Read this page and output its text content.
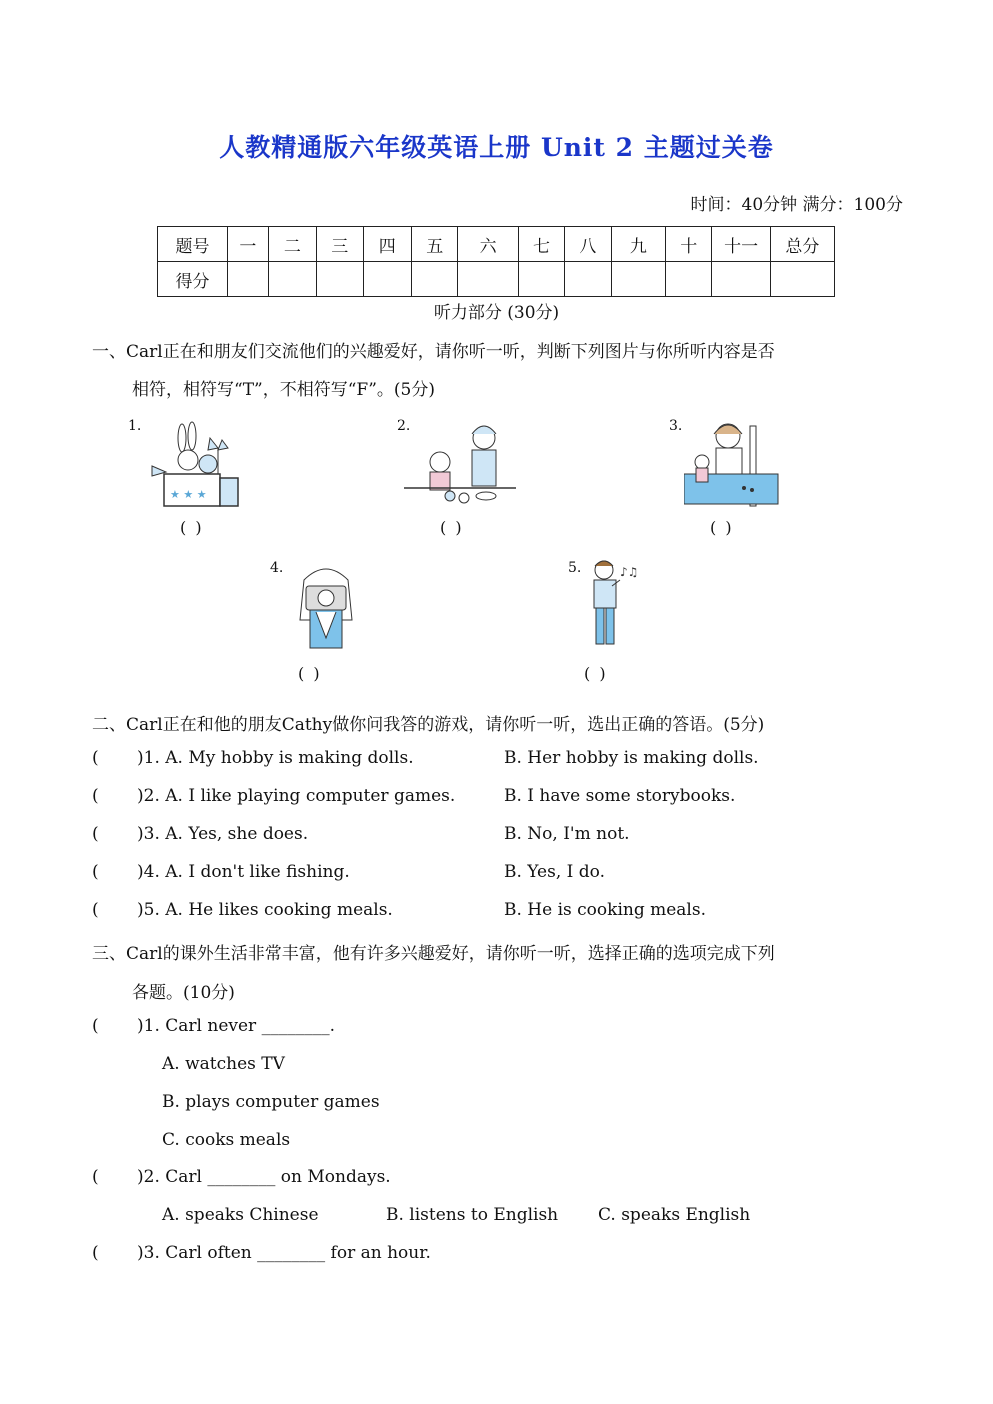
人教精通版六年级英语上册 Unit 2 主题过关卷
时间：40分钟 满分：100分
题号	一	二	三	四	五	六	七	八	九	十	十一	总分
得分												
听力部分 (30分)
一、Carl正在和朋友们交流他们的兴趣爱好，请你听一听，判断下列图片与你所听内容是否
相符，相符写“T”，不相符写“F”。(5分)
1.
★ ★ ★
( )
2.
( )
3.
( )
4.
( )
5.	♪♫
( )
二、Carl正在和他的朋友Cathy做你问我答的游戏，请你听一听，选出正确的答语。(5分)
( )1. A. My hobby is making dolls.	B. Her hobby is making dolls.
( )2. A. I like playing computer games.	B. I have some storybooks.
( )3. A. Yes, she does.	B. No, I'm not.
( )4. A. I don't like fishing.	B. Yes, I do.
( )5. A. He likes cooking meals.	B. He is cooking meals.
三、Carl的课外生活非常丰富，他有许多兴趣爱好，请你听一听，选择正确的选项完成下列
各题。(10分)
( )1. Carl never ________.
A. watches TV
B. plays computer games
C. cooks meals
( )2. Carl ________ on Mondays.
A. speaks Chinese	B. listens to English C. speaks English
( )3. Carl often ________ for an hour.
